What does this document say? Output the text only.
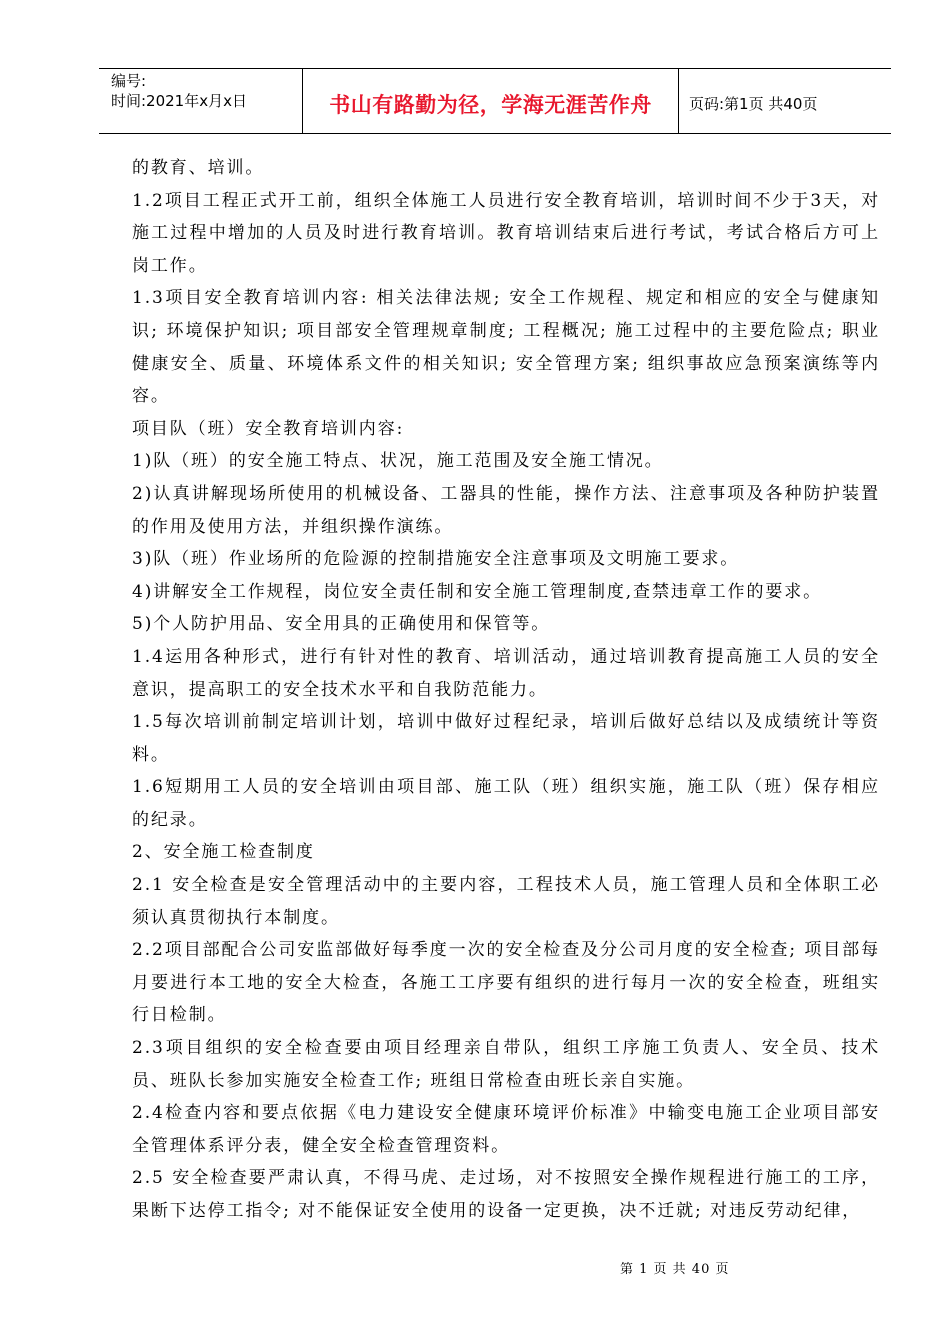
编号:
时间:2021年x月x日	书山有路勤为径，学海无涯苦作舟	页码:第1页 共40页

的教育、培训。

1.2项目工程正式开工前，组织全体施工人员进行安全教育培训，培训时间不少于3天，对施工过程中增加的人员及时进行教育培训。教育培训结束后进行考试，考试合格后方可上岗工作。

1.3项目安全教育培训内容: 相关法律法规; 安全工作规程、规定和相应的安全与健康知识; 环境保护知识; 项目部安全管理规章制度; 工程概况; 施工过程中的主要危险点; 职业健康安全、质量、环境体系文件的相关知识; 安全管理方案; 组织事故应急预案演练等内容。

项目队（班）安全教育培训内容:

1)队（班）的安全施工特点、状况，施工范围及安全施工情况。

2)认真讲解现场所使用的机械设备、工器具的性能，操作方法、注意事项及各种防护装置的作用及使用方法，并组织操作演练。

3)队（班）作业场所的危险源的控制措施安全注意事项及文明施工要求。

4)讲解安全工作规程，岗位安全责任制和安全施工管理制度,查禁违章工作的要求。

5)个人防护用品、安全用具的正确使用和保管等。

1.4运用各种形式，进行有针对性的教育、培训活动，通过培训教育提高施工人员的安全意识，提高职工的安全技术水平和自我防范能力。

1.5每次培训前制定培训计划，培训中做好过程纪录，培训后做好总结以及成绩统计等资料。

1.6短期用工人员的安全培训由项目部、施工队（班）组织实施，施工队（班）保存相应的纪录。

2、安全施工检查制度

2.1 安全检查是安全管理活动中的主要内容，工程技术人员，施工管理人员和全体职工必须认真贯彻执行本制度。

2.2项目部配合公司安监部做好每季度一次的安全检查及分公司月度的安全检查; 项目部每月要进行本工地的安全大检查，各施工工序要有组织的进行每月一次的安全检查，班组实行日检制。

2.3项目组织的安全检查要由项目经理亲自带队，组织工序施工负责人、安全员、技术员、班队长参加实施安全检查工作; 班组日常检查由班长亲自实施。

2.4检查内容和要点依据《电力建设安全健康环境评价标准》中输变电施工企业项目部安全管理体系评分表，健全安全检查管理资料。

2.5 安全检查要严肃认真，不得马虎、走过场，对不按照安全操作规程进行施工的工序，果断下达停工指令; 对不能保证安全使用的设备一定更换，决不迁就; 对违反劳动纪律，

第 1 页 共 40 页
